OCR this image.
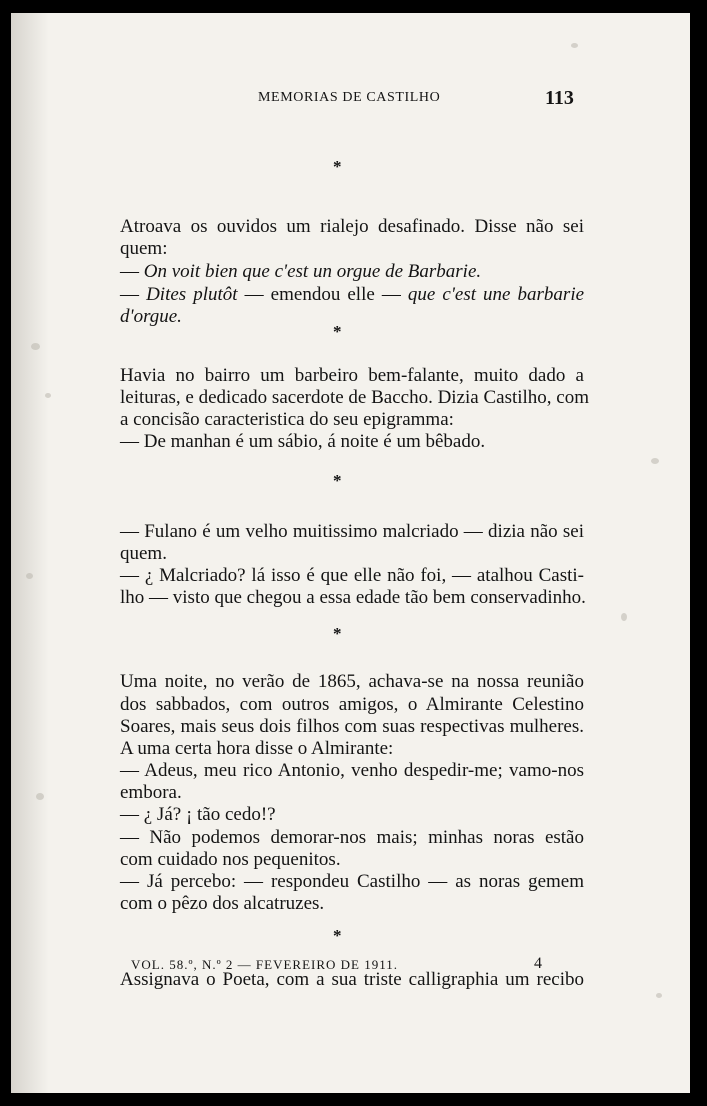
MEMORIAS DE CASTILHO	113
*
Atroava os ouvidos um rialejo desafinado. Disse não sei
quem:
— On voit bien que c'est un orgue de Barbarie.
— Dites plutôt — emendou elle — que c'est une barbarie
d'orgue.
*
Havia no bairro um barbeiro bem-falante, muito dado a
leituras, e dedicado sacerdote de Baccho. Dizia Castilho, com
a concisão caracteristica do seu epigramma:
— De manhan é um sábio, á noite é um bêbado.
*
— Fulano é um velho muitissimo malcriado — dizia não sei
quem.
— ¿ Malcriado? lá isso é que elle não foi, — atalhou Casti-
lho — visto que chegou a essa edade tão bem conservadinho.
*
Uma noite, no verão de 1865, achava-se na nossa reunião
dos sabbados, com outros amigos, o Almirante Celestino
Soares, mais seus dois filhos com suas respectivas mulheres.
A uma certa hora disse o Almirante:
— Adeus, meu rico Antonio, venho despedir-me; vamo-nos
embora.
— ¿ Já? ¡ tão cedo!?
— Não podemos demorar-nos mais; minhas noras estão
com cuidado nos pequenitos.
— Já percebo: — respondeu Castilho — as noras gemem
com o pêzo dos alcatruzes.
*
Assignava o Poeta, com a sua triste calligraphia um recibo
VOL. 58.º, N.º 2 — FEVEREIRO DE 1911.	4
